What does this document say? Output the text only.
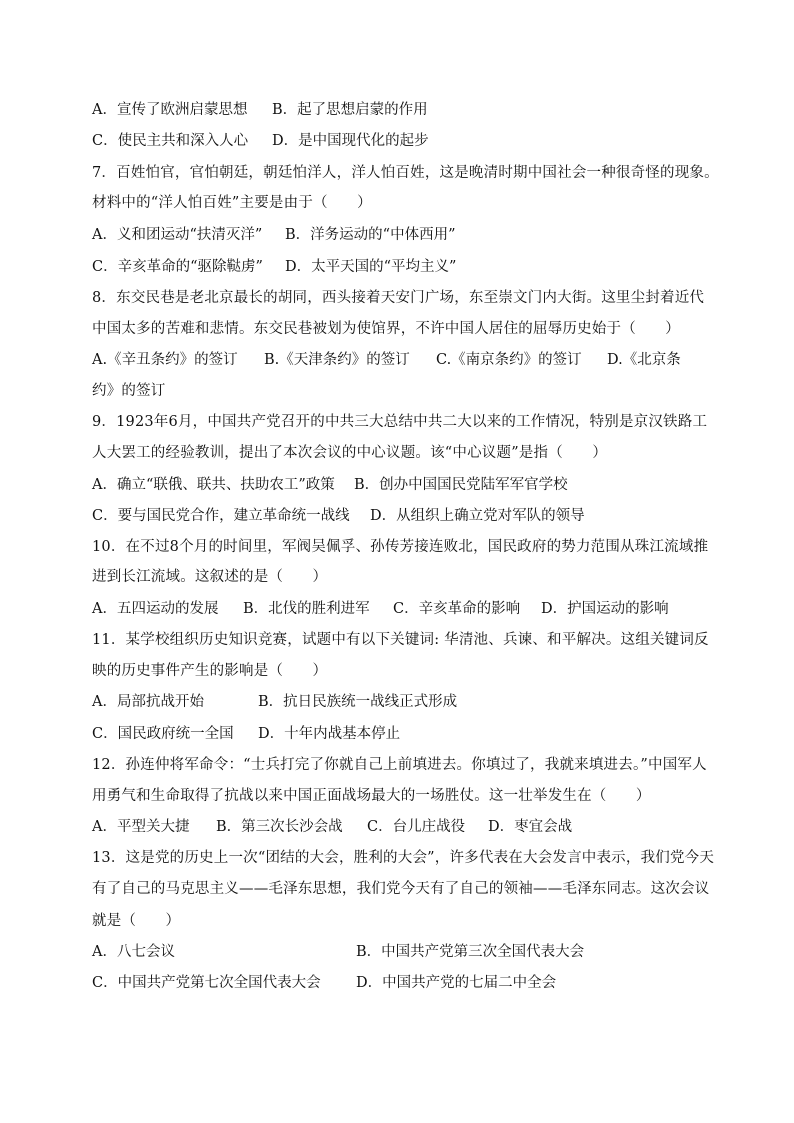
A．宣传了欧洲启蒙思想 B．起了思想启蒙的作用
C．使民主共和深入人心 D．是中国现代化的起步
7．百姓怕官，官怕朝廷，朝廷怕洋人，洋人怕百姓，这是晚清时期中国社会一种很奇怪的现象。
材料中的“洋人怕百姓”主要是由于（　　）
A．义和团运动“扶清灭洋” B．洋务运动的“中体西用”
C．辛亥革命的“驱除鞑虏” D．太平天国的“平均主义”
8．东交民巷是老北京最长的胡同，西头接着天安门广场，东至崇文门内大街。这里尘封着近代
中国太多的苦难和悲情。东交民巷被划为使馆界，不许中国人居住的屈辱历史始于（　　）
A.《辛丑条约》的签订 B.《天津条约》的签订 C.《南京条约》的签订 D.《北京条
约》的签订
9．1923年6月，中国共产党召开的中共三大总结中共二大以来的工作情况，特别是京汉铁路工
人大罢工的经验教训，提出了本次会议的中心议题。该“中心议题”是指（　　）
A．确立“联俄、联共、扶助农工”政策 B．创办中国国民党陆军军官学校
C．要与国民党合作，建立革命统一战线 D．从组织上确立党对军队的领导
10．在不过8个月的时间里，军阀吴佩孚、孙传芳接连败北，国民政府的势力范围从珠江流域推
进到长江流域。这叙述的是（　　）
A．五四运动的发展 B．北伐的胜利进军 C．辛亥革命的影响 D．护国运动的影响
11．某学校组织历史知识竞赛，试题中有以下关键词: 华清池、兵谏、和平解决。这组关键词反
映的历史事件产生的影响是（　　）
A．局部抗战开始	B．抗日民族统一战线正式形成
C．国民政府统一全国 D．十年内战基本停止
12．孙连仲将军命令：“士兵打完了你就自己上前填进去。你填过了，我就来填进去。”中国军人
用勇气和生命取得了抗战以来中国正面战场最大的一场胜仗。这一壮举发生在（　　）
A．平型关大捷 B．第三次长沙会战 C．台儿庄战役 D．枣宜会战
13．这是党的历史上一次“团结的大会，胜利的大会”，许多代表在大会发言中表示，我们党今天
有了自己的马克思主义——毛泽东思想，我们党今天有了自己的领袖——毛泽东同志。这次会议
就是（　　）
A．八七会议	B．中国共产党第三次全国代表大会
C．中国共产党第七次全国代表大会 D．中国共产党的七届二中全会
